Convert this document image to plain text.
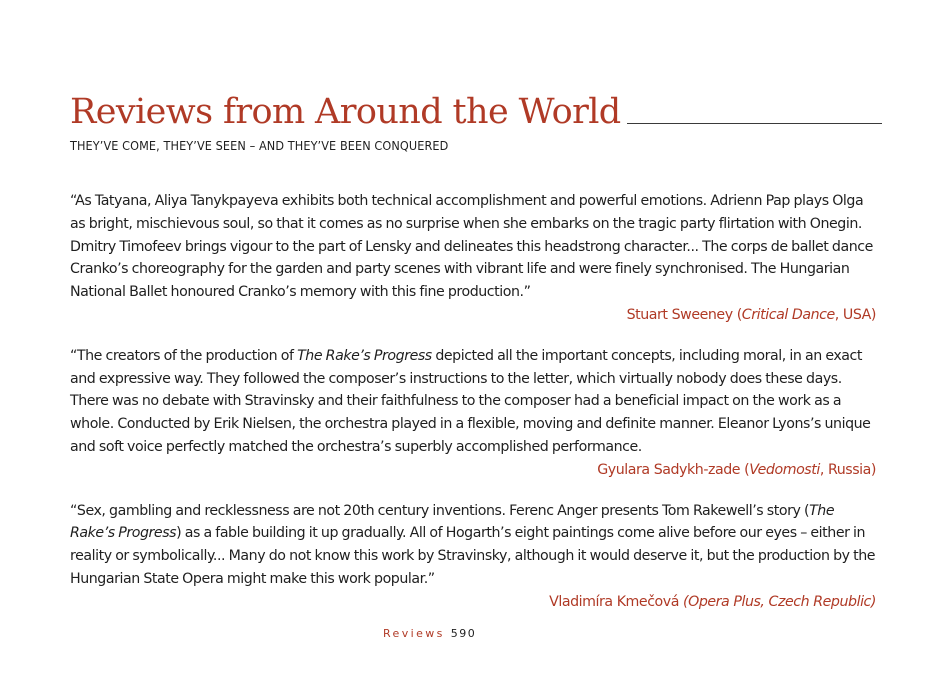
Reviews from Around the World
THEY’VE COME, THEY’VE SEEN – AND THEY’VE BEEN CONQUERED

“As Tatyana, Aliya Tanykpayeva exhibits both technical accomplishment and powerful emotions. Adrienn Pap plays Olga as bright, mischievous soul, so that it comes as no surprise when she embarks on the tragic party flirtation with Onegin. Dmitry Timofeev brings vigour to the part of Lensky and delineates this headstrong character... The corps de ballet dance Cranko’s choreography for the garden and party scenes with vibrant life and were finely synchronised. The Hungarian National Ballet honoured Cranko’s memory with this fine production.”

Stuart Sweeney (Critical Dance, USA)

“The creators of the production of The Rake’s Progress depicted all the important concepts, including moral, in an exact and expressive way. They followed the composer’s instructions to the letter, which virtually nobody does these days. There was no debate with Stravinsky and their faithfulness to the composer had a beneficial impact on the work as a whole. Conducted by Erik Nielsen, the orchestra played in a flexible, moving and definite manner. Eleanor Lyons’s unique and soft voice perfectly matched the orchestra’s superbly accomplished performance.

Gyulara Sadykh-zade (Vedomosti, Russia)

“Sex, gambling and recklessness are not 20th century inventions. Ferenc Anger presents Tom Rakewell’s story (The Rake’s Progress) as a fable building it up gradually. All of Hogarth’s eight paintings come alive before our eyes – either in reality or symbolically... Many do not know this work by Stravinsky, although it would deserve it, but the production by the Hungarian State Opera might make this work popular.”

Vladimíra Kmečová (Opera Plus, Czech Republic)

Reviews 590
